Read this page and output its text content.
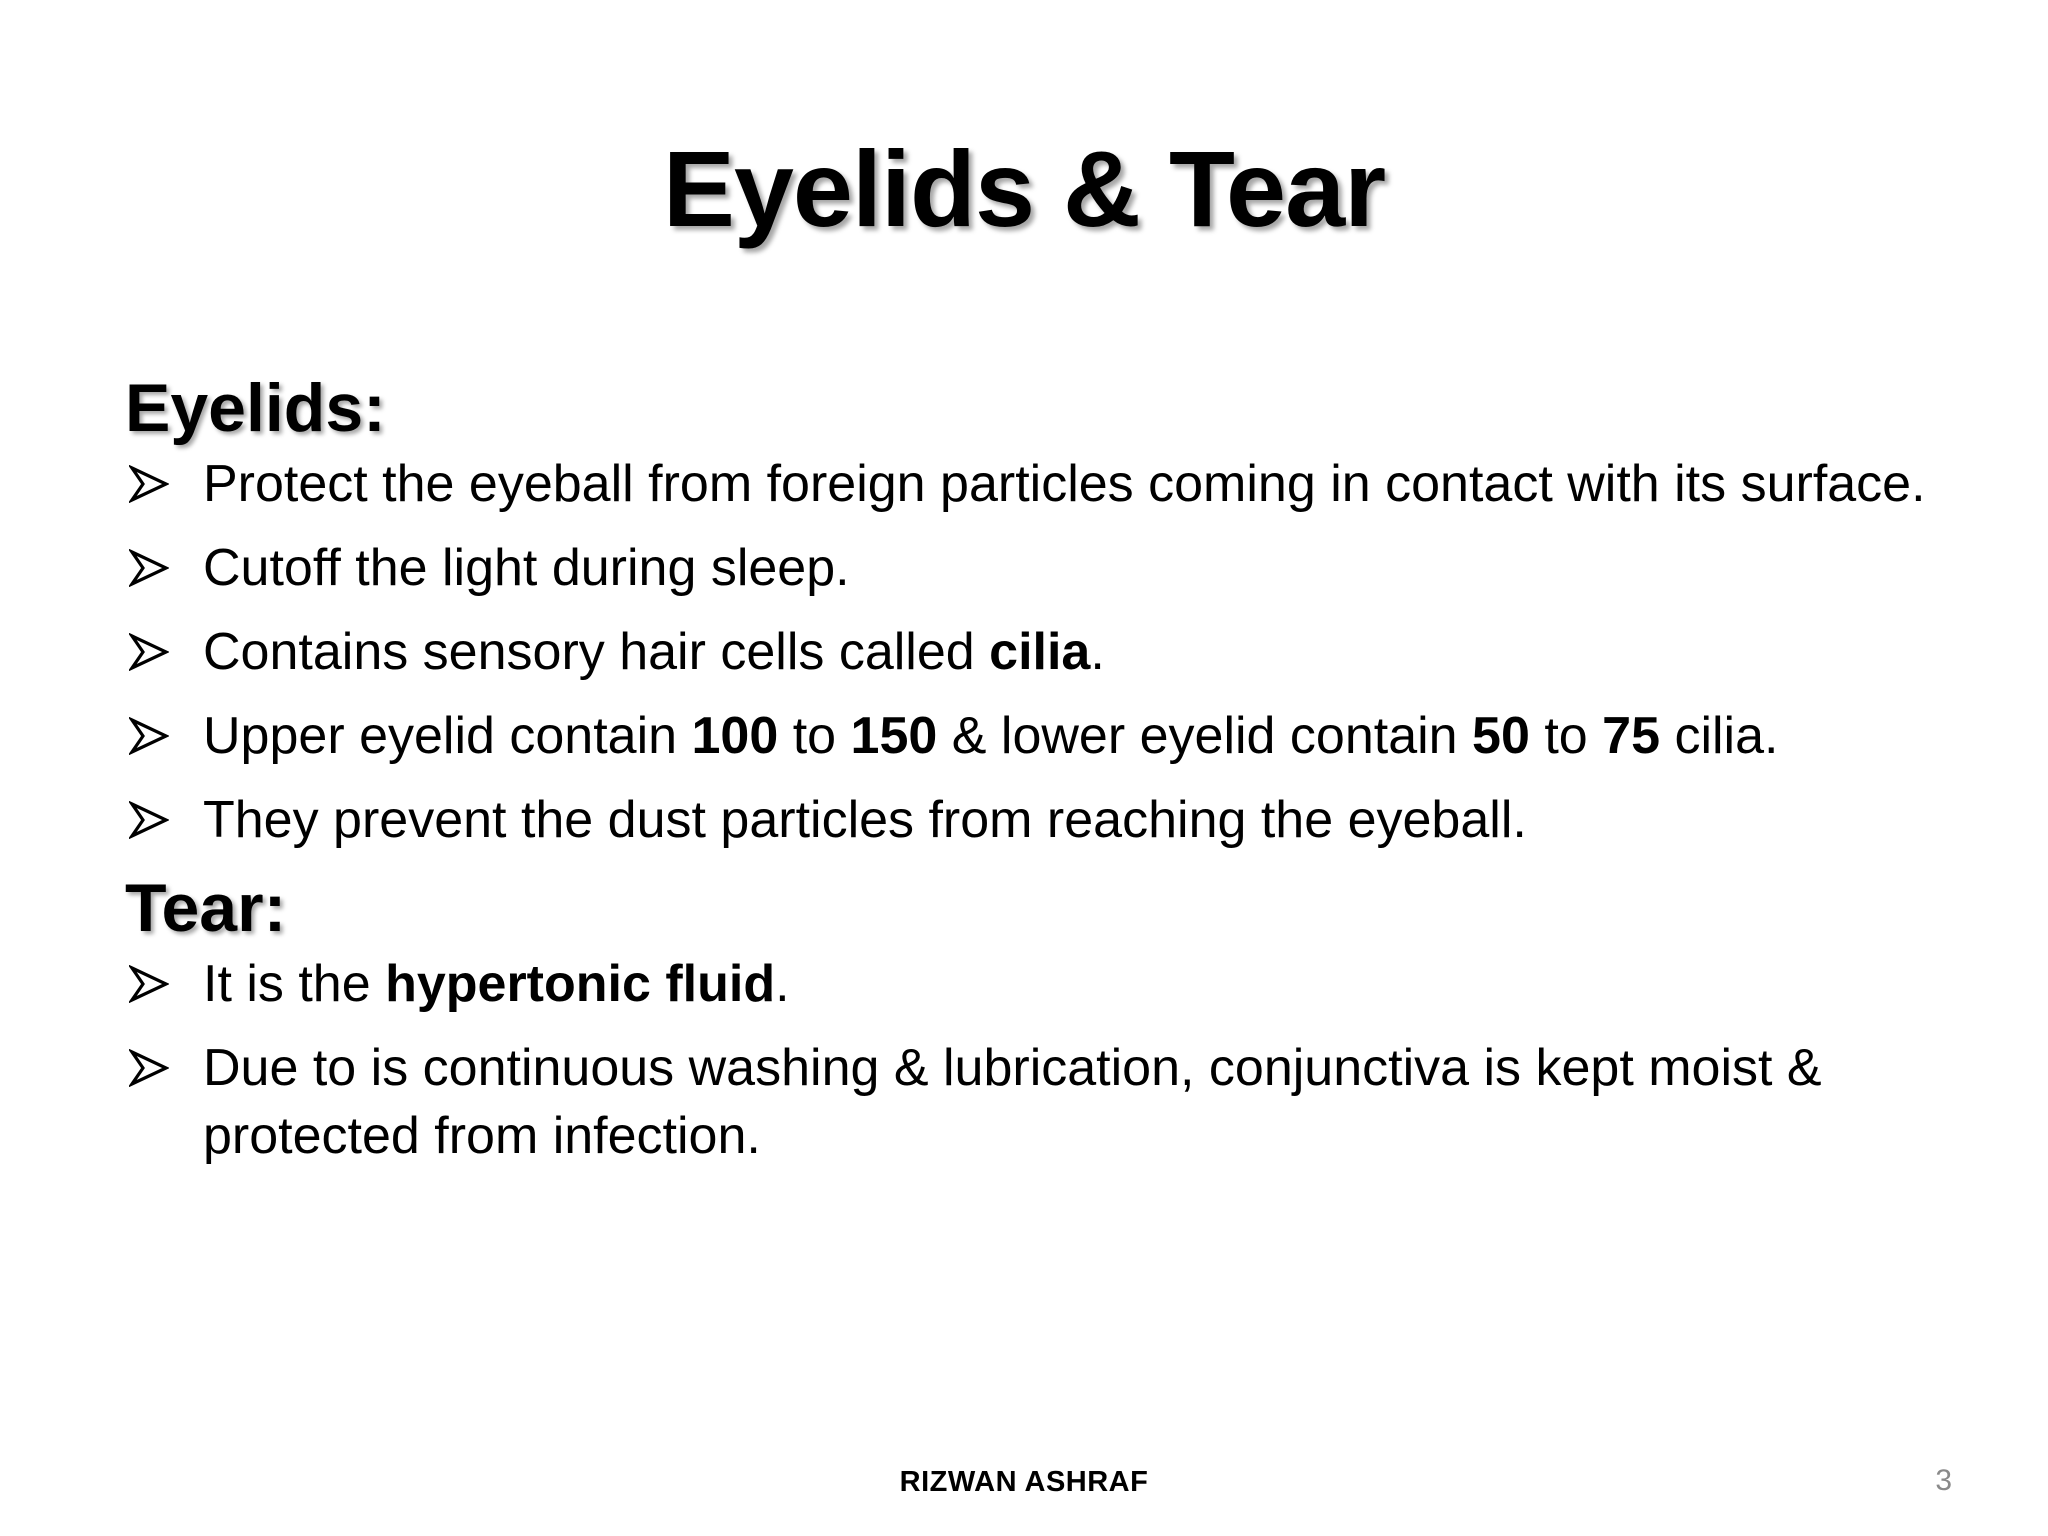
Eyelids & Tear
Eyelids:
Protect the eyeball from foreign particles coming in contact with its surface.
Cutoff the light during sleep.
Contains sensory hair cells called cilia.
Upper eyelid contain 100 to 150 & lower eyelid contain 50 to 75 cilia.
They prevent the dust particles from reaching the eyeball.
Tear:
It is the hypertonic fluid.
Due to is continuous washing & lubrication, conjunctiva is kept moist & protected from infection.
RIZWAN ASHRAF	3
